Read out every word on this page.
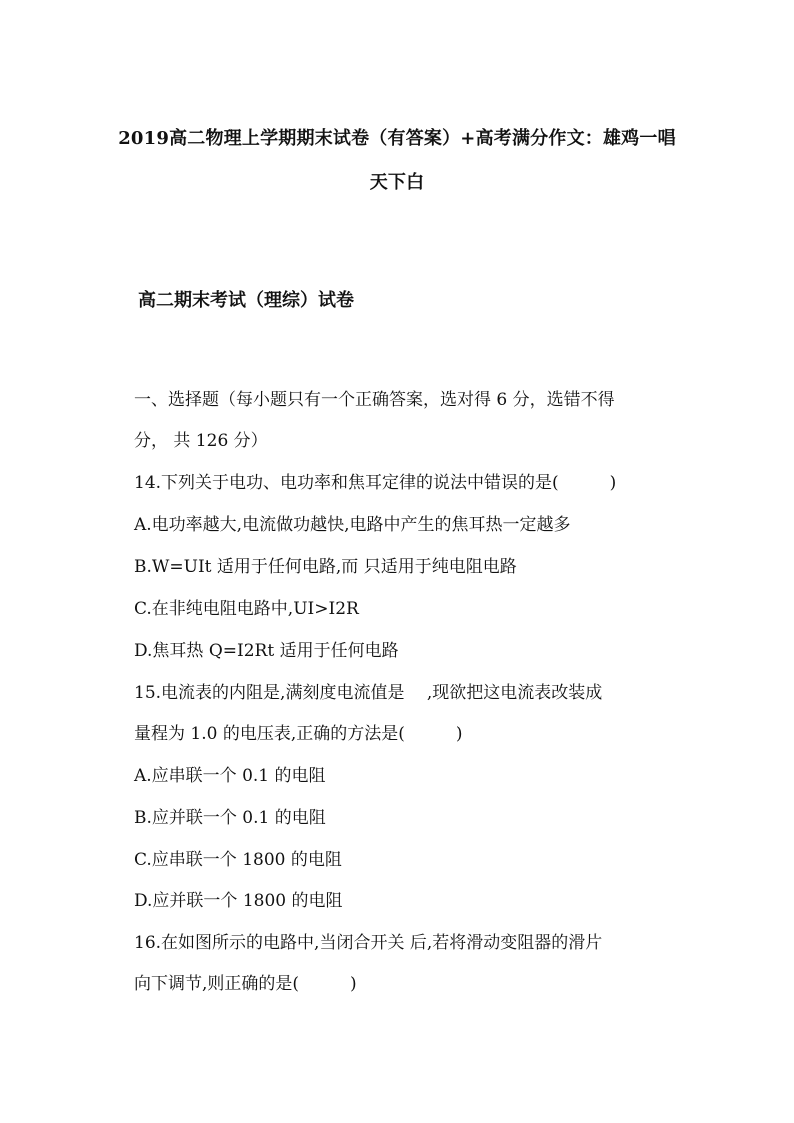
2019高二物理上学期期末试卷（有答案）+高考满分作文：雄鸡一唱
天下白
高二期末考试（理综）试卷
一、选择题（每小题只有一个正确答案，选对得 6 分，选错不得
分， 共 126 分）
14.下列关于电功、电功率和焦耳定律的说法中错误的是(　　　)
A.电功率越大,电流做功越快,电路中产生的焦耳热一定越多
B.W=UIt 适用于任何电路,而 只适用于纯电阻电路
C.在非纯电阻电路中,UI>I2R
D.焦耳热 Q=I2Rt 适用于任何电路
15.电流表的内阻是,满刻度电流值是　 ,现欲把这电流表改装成
量程为 1.0 的电压表,正确的方法是(　　　)
A.应串联一个 0.1 的电阻
B.应并联一个 0.1 的电阻
C.应串联一个 1800 的电阻
D.应并联一个 1800 的电阻
16.在如图所示的电路中,当闭合开关 后,若将滑动变阻器的滑片
向下调节,则正确的是(　　　)
